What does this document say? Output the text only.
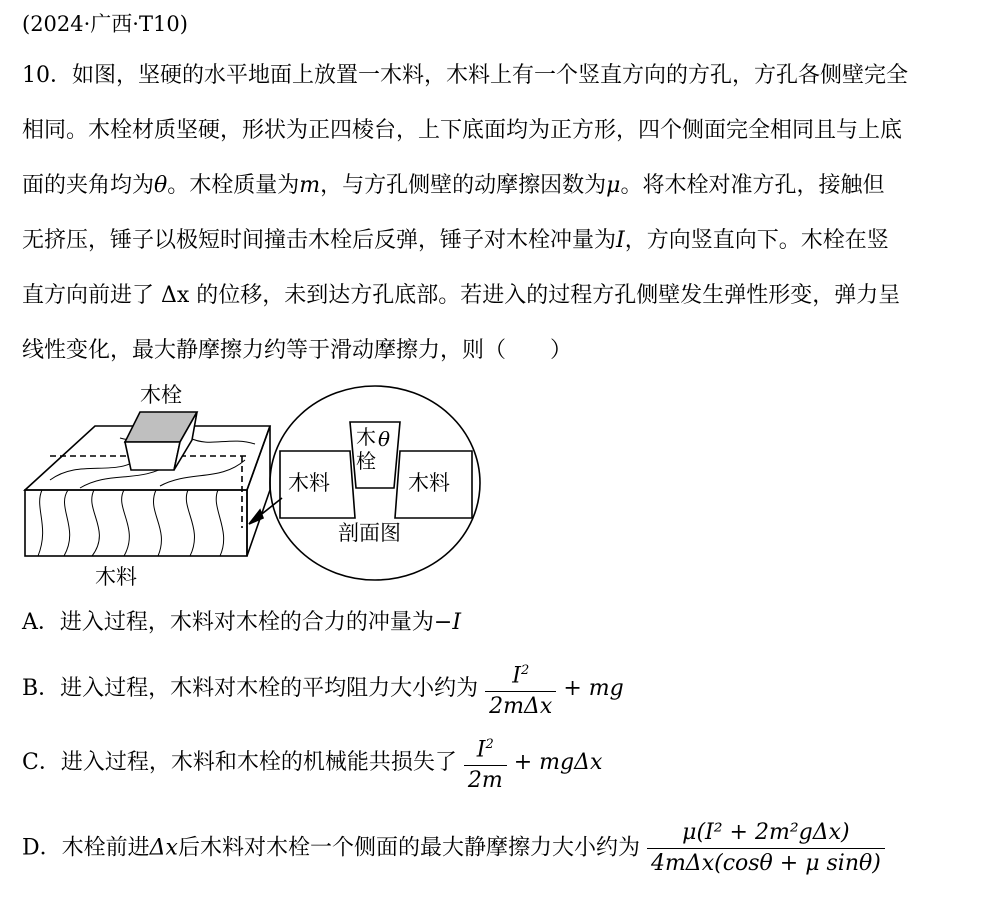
(2024·广西·T10)
10．如图，坚硬的水平地面上放置一木料，木料上有一个竖直方向的方孔，方孔各侧壁完全
相同。木栓材质坚硬，形状为正四棱台，上下底面均为正方形，四个侧面完全相同且与上底
面的夹角均为θ。木栓质量为m，与方孔侧壁的动摩擦因数为μ。将木栓对准方孔，接触但
无挤压，锤子以极短时间撞击木栓后反弹，锤子对木栓冲量为I，方向竖直向下。木栓在竖
直方向前进了 Δx 的位移，未到达方孔底部。若进入的过程方孔侧壁发生弹性形变，弹力呈
线性变化，最大静摩擦力约等于滑动摩擦力，则（　　）
木栓
木料
剖面图
木
栓
θ
木料	木料
A．进入过程，木料对木栓的合力的冲量为−I
B．进入过程，木料对木栓的平均阻力大小约为 $\frac{I^2}{\text{2mΔx}}$ + mg
C．进入过程，木料和木栓的机械能共损失了 $\frac{I^2}{2m} + mg\Delta x$
D．木栓前进Δx后木料对木栓一个侧面的最大静摩擦力大小约为 $\frac{\text{μ(I² + 2m²gΔx)}}{\text{4mΔx(cosθ + μ sinθ)}}$
